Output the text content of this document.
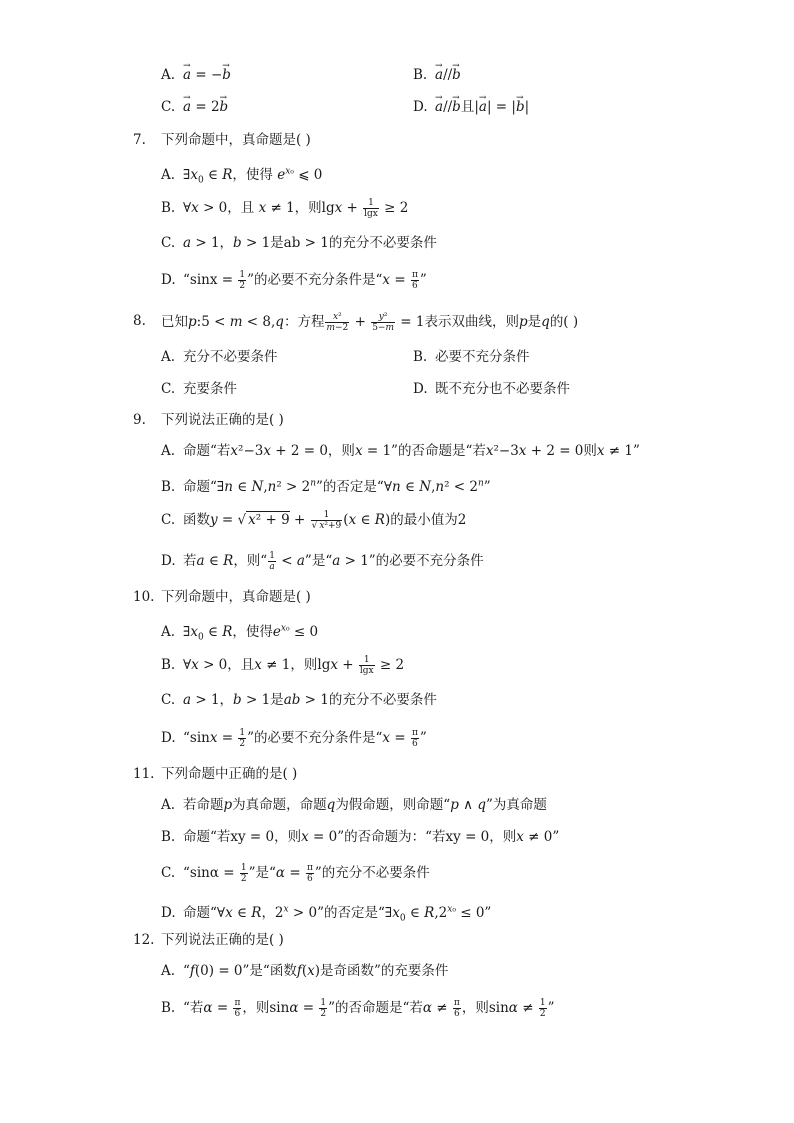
A. → a = −→ b	B. → a//→ b
C. → a = 2→ b	D. → a//→ b且|→ a| = |→ b|
7. 下列命题中，真命题是( )
A. $\exists x_0$ ∈ R，使得 $e^{x_0}$ ⩽ 0
B. ∀x > 0，且 x ≠ 1，则$\lg x + \frac{1}{\lg x} \ge 2$
C. a > 1，b > 1是ab > 1的充分不必要条件
D. “$\sin x = \frac{1}{2}$ ”的必要不充分条件是“$x = \frac{\pi}{6}$ ”
8. 已知p:5 < m < 8,q：方程 $\frac{\text{x²}}{m-2} + \frac{\text{y²}}{5-m} = 1$表示双曲线，则p是q的( )
A. 充分不必要条件	B. 必要不充分条件
C. 充要条件	D. 既不充分也不必要条件
9. 下列说法正确的是( )
A. 命题“若x²−3x + 2 = 0，则x = 1”的否命题是“若x²−3x + 2 = 0则x ≠ 1”
B. 命题“∃n ∈ $N,n^2 > 2^n$”的否定是“∀n ∈ $N,n^2 < 2^n$”
C. 函数y = √ $x^2 + 9 + \frac{1}{\text{√ x²+9}} (x$ ∈ R)的最小值为2
D. 若a ∈ R，则“ $\frac{1}{a} < a$”是“a > 1”的必要不充分条件
10. 下列命题中，真命题是( )
A. $\exists x_0$ ∈ R，使得$e^{x_0} \le 0$
B. ∀x > 0，且x ≠ 1，则$\lg x + \frac{1}{\lg x} \ge 2$
C. a > 1，b > 1是ab > 1的充分不必要条件
D. “$\sin x = \frac{1}{2}$ ”的必要不充分条件是“$x = \frac{\pi}{6}$ ”
11. 下列命题中正确的是( )
A. 若命题p为真命题，命题q为假命题，则命题“p ∧ q”为真命题
B. 命题“若xy = 0，则x = 0”的否命题为：“若xy = 0，则x ≠ 0”
C. “$\sin\alpha = \frac{1}{2}$ ”是“$\alpha = \frac{\pi}{6}$ ”的充分不必要条件
D. 命题“∀x ∈ R，$2^x > 0$”的否定是“$\exists x_0$ ∈ $R,2^{x_0} \le 0$”
12. 下列说法正确的是( )
A. “f(0) = 0”是“函数f(x)是奇函数”的充要条件
B. “若$\alpha = \frac{\pi}{6}$ ，则$\sin\alpha = \frac{1}{2}$ ”的否命题是“若$\alpha \ne \frac{\pi}{6}$ ，则$\sin\alpha \ne \frac{1}{2}$ ”
